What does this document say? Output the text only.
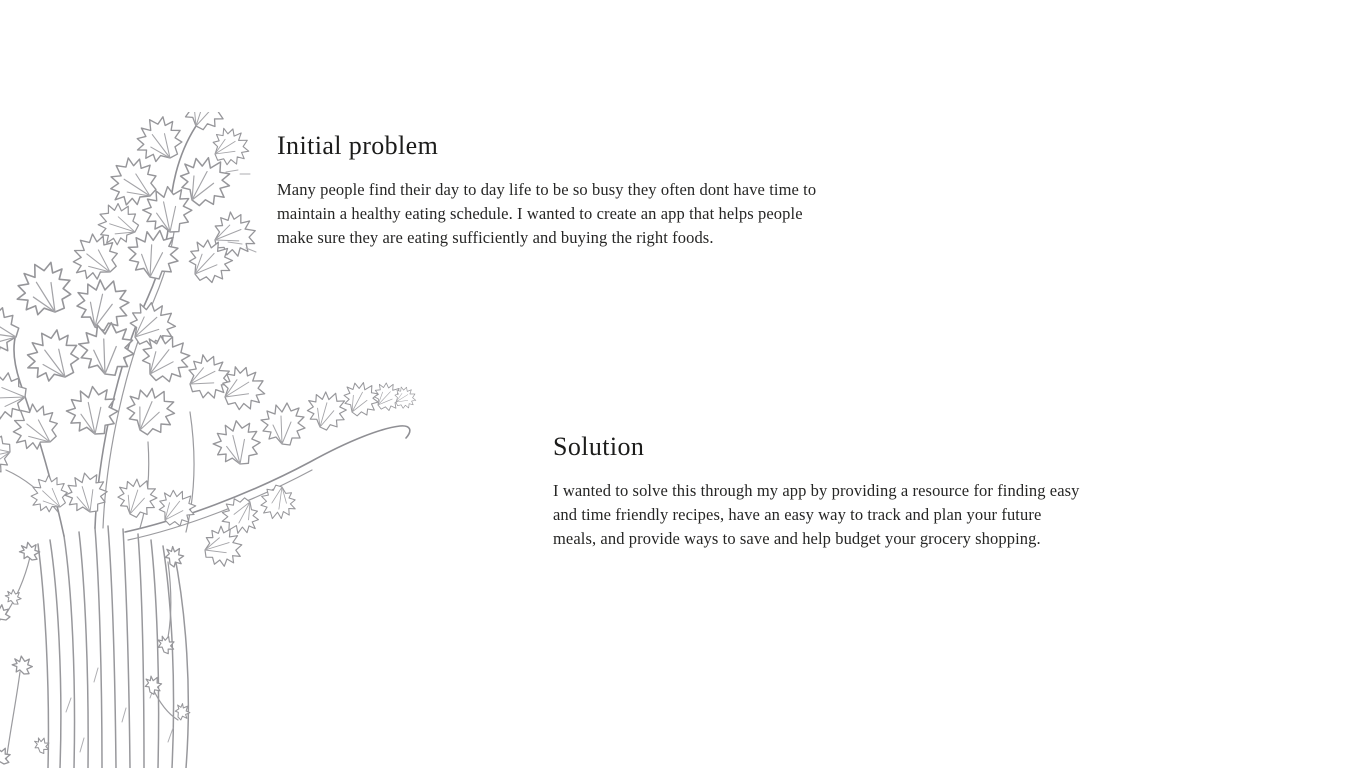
Initial problem

Many people find their day to day life to be so busy they often dont have time to maintain a healthy eating schedule. I wanted to create an app that helps people make sure they are eating sufficiently and buying the right foods.

Solution

I wanted to solve this through my app by providing a resource for finding easy and time friendly recipes, have an easy way to track and plan your future meals, and provide ways to save and help budget your grocery shopping.
